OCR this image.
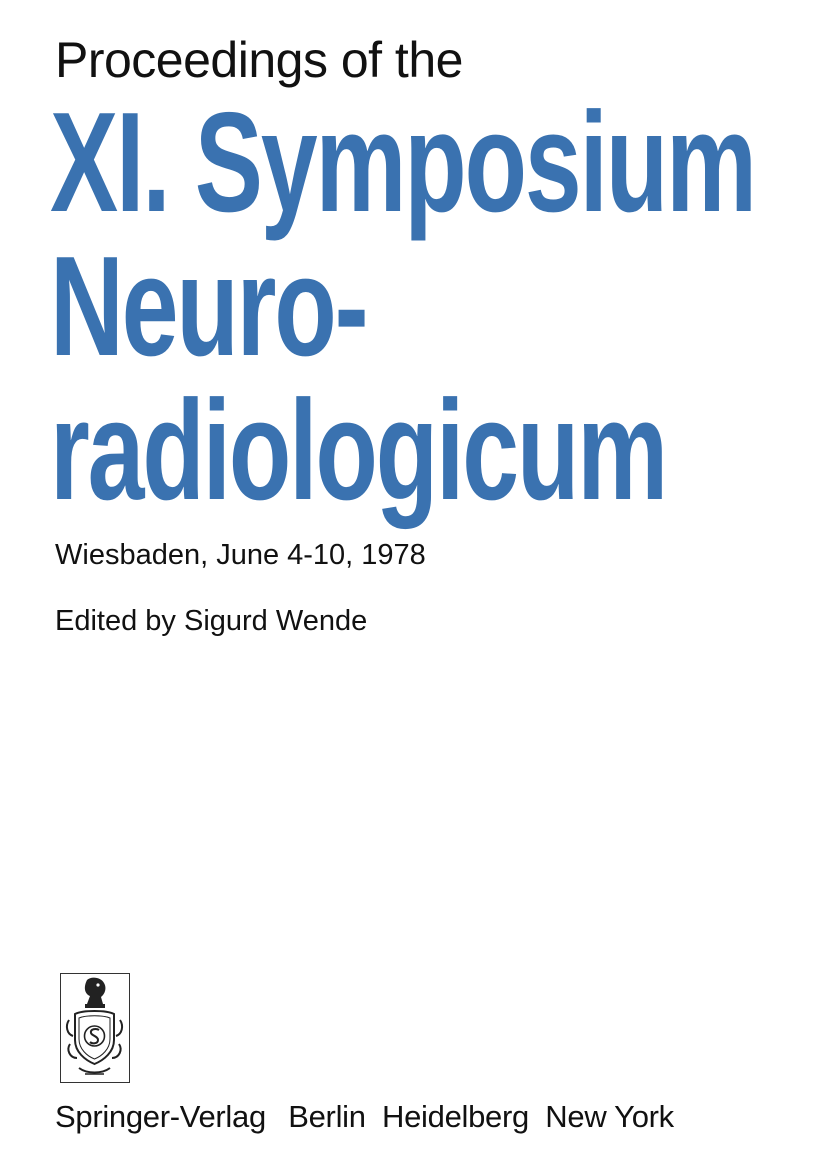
Proceedings of the
XI. Symposium
Neuro-
radiologicum
Wiesbaden, June 4-10, 1978
Edited by Sigurd Wende
Springer-Verlag Berlin Heidelberg New York
